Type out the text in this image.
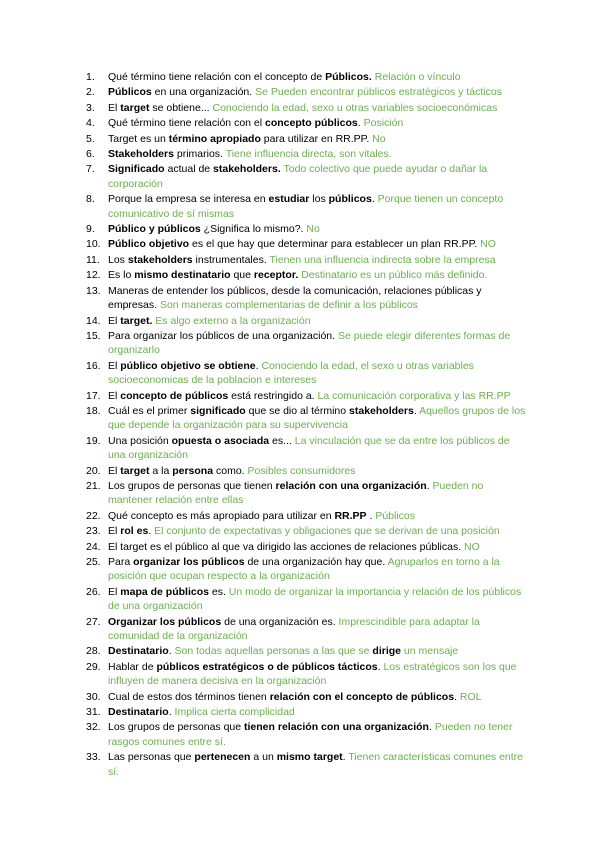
1.	Qué término tiene relación con el concepto de Públicos. Relación o vínculo
2.	Públicos en una organización. Se Pueden encontrar públicos estratégicos y tácticos
3.	El target se obtiene... Conociendo la edad, sexo u otras variables socioeconómicas
4.	Qué término tiene relación con el concepto públicos. Posición
5.	Target es un término apropiado para utilizar en RR.PP. No
6.	Stakeholders primarios. Tiene influencia directa, son vitales.
7.	Significado actual de stakeholders. Todo colectivo que puede ayudar o dañar la corporación
8.	Porque la empresa se interesa en estudiar los públicos. Porque tienen un concepto comunicativo de sí mismas
9.	Público y públicos ¿Significa lo mismo?. No
10. Público objetivo es el que hay que determinar para establecer un plan RR.PP. NO
11. Los stakeholders instrumentales. Tienen una influencia indirecta sobre la empresa
12. Es lo mismo destinatario que receptor. Destinatario es un público más definido.
13. Maneras de entender los públicos, desde la comunicación, relaciones públicas y empresas. Son maneras complementarias de definir a los públicos
14. El target. Es algo externo a la organización
15. Para organizar los públicos de una organización. Se puede elegir diferentes formas de organizarlo
16. El público objetivo se obtiene. Conociendo la edad, el sexo u otras variables socioeconomicas de la poblacion e intereses
17. El concepto de públicos está restringido a. La comunicación corporativa y las RR.PP
18. Cuál es el primer significado que se dio al término stakeholders. Aquellos grupos de los que depende la organización para su supervivencia
19. Una posición opuesta o asociada es... La vinculación que se da entre los públicos de una organización
20. El target a la persona como. Posibles consumidores
21. Los grupos de personas que tienen relación con una organización. Pueden no mantener relación entre ellas
22. Qué concepto es más apropiado para utilizar en RR.PP . Públicos
23. El rol es. El conjunto de expectativas y obligaciones que se derivan de una posición
24. El target es el público al que va dirigido las acciones de relaciones públicas. NO
25. Para organizar los públicos de una organización hay que. Agruparlos en torno a la posición que ocupan respecto a la organización
26. El mapa de públicos es. Un modo de organizar la importancia y relación de los públicos de una organización
27. Organizar los públicos de una organización es. Imprescindible para adaptar la comunidad de la organización
28. Destinatario. Son todas aquellas personas a las que se dirige un mensaje
29. Hablar de públicos estratégicos o de públicos tácticos. Los estratégicos son los que influyen de manera decisiva en la organización
30. Cual de estos dos términos tienen relación con el concepto de públicos. ROL
31. Destinatario. Implica cierta complicidad
32. Los grupos de personas que tienen relación con una organización. Pueden no tener rasgos comunes entre sí.
33. Las personas que pertenecen a un mismo target. Tienen características comunes entre sí.
